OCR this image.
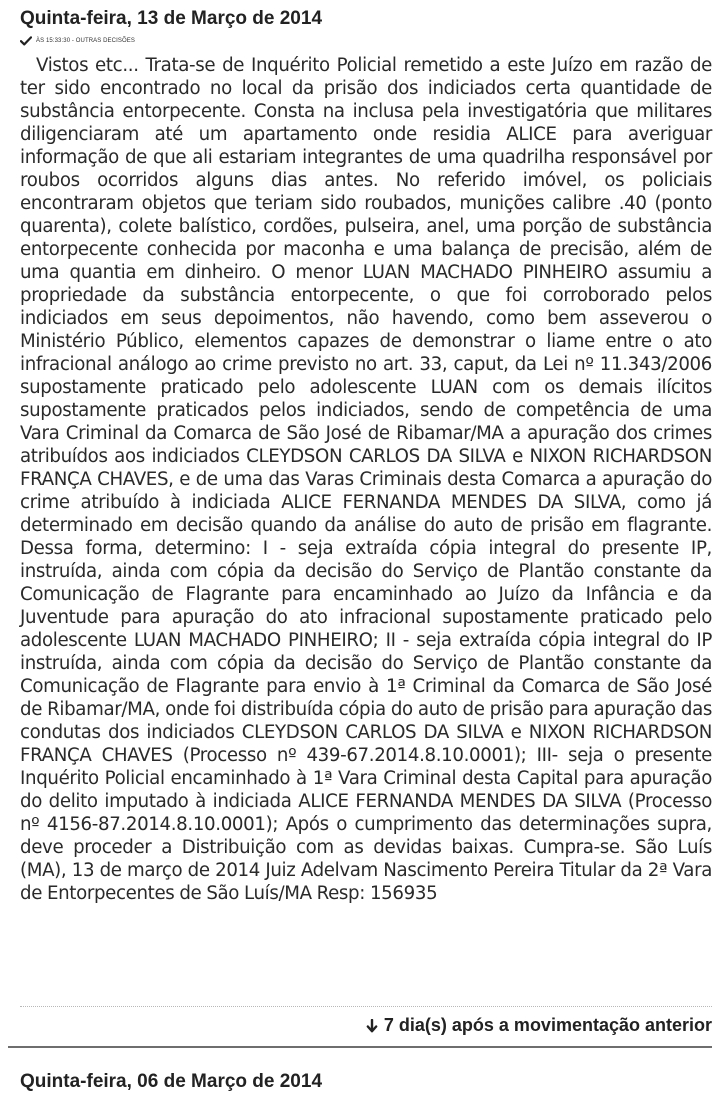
Quinta-feira, 13 de Março de 2014
ÀS 15:33:30 - OUTRAS DECISÕES

Vistos etc... Trata-se de Inquérito Policial remetido a este Juízo em razão de ter sido encontrado no local da prisão dos indiciados certa quantidade de substância entorpecente. Consta na inclusa pela investigatória que militares diligenciaram até um apartamento onde residia ALICE para averiguar informação de que ali estariam integrantes de uma quadrilha responsável por roubos ocorridos alguns dias antes. No referido imóvel, os policiais encontraram objetos que teriam sido roubados, munições calibre .40 (ponto quarenta), colete balístico, cordões, pulseira, anel, uma porção de substância entorpecente conhecida por maconha e uma balança de precisão, além de uma quantia em dinheiro. O menor LUAN MACHADO PINHEIRO assumiu a propriedade da substância entorpecente, o que foi corroborado pelos indiciados em seus depoimentos, não havendo, como bem asseverou o Ministério Público, elementos capazes de demonstrar o liame entre o ato infracional análogo ao crime previsto no art. 33, caput, da Lei nº 11.343/2006 supostamente praticado pelo adolescente LUAN com os demais ilícitos supostamente praticados pelos indiciados, sendo de competência de uma Vara Criminal da Comarca de São José de Ribamar/MA a apuração dos crimes atribuídos aos indiciados CLEYDSON CARLOS DA SILVA e NIXON RICHARDSON FRANÇA CHAVES, e de uma das Varas Criminais desta Comarca a apuração do crime atribuído à indiciada ALICE FERNANDA MENDES DA SILVA, como já determinado em decisão quando da análise do auto de prisão em flagrante. Dessa forma, determino: I - seja extraída cópia integral do presente IP, instruída, ainda com cópia da decisão do Serviço de Plantão constante da Comunicação de Flagrante para encaminhado ao Juízo da Infância e da Juventude para apuração do ato infracional supostamente praticado pelo adolescente LUAN MACHADO PINHEIRO; II - seja extraída cópia integral do IP instruída, ainda com cópia da decisão do Serviço de Plantão constante da Comunicação de Flagrante para envio à 1ª Criminal da Comarca de São José de Ribamar/MA, onde foi distribuída cópia do auto de prisão para apuração das condutas dos indiciados CLEYDSON CARLOS DA SILVA e NIXON RICHARDSON FRANÇA CHAVES (Processo nº 439-67.2014.8.10.0001); III- seja o presente Inquérito Policial encaminhado à 1ª Vara Criminal desta Capital para apuração do delito imputado à indiciada ALICE FERNANDA MENDES DA SILVA (Processo nº 4156-87.2014.8.10.0001); Após o cumprimento das determinações supra, deve proceder a Distribuição com as devidas baixas. Cumpra-se. São Luís (MA), 13 de março de 2014 Juiz Adelvam Nascimento Pereira Titular da 2ª Vara de Entorpecentes de São Luís/MA Resp: 156935

7 dia(s) após a movimentação anterior
Quinta-feira, 06 de Março de 2014
